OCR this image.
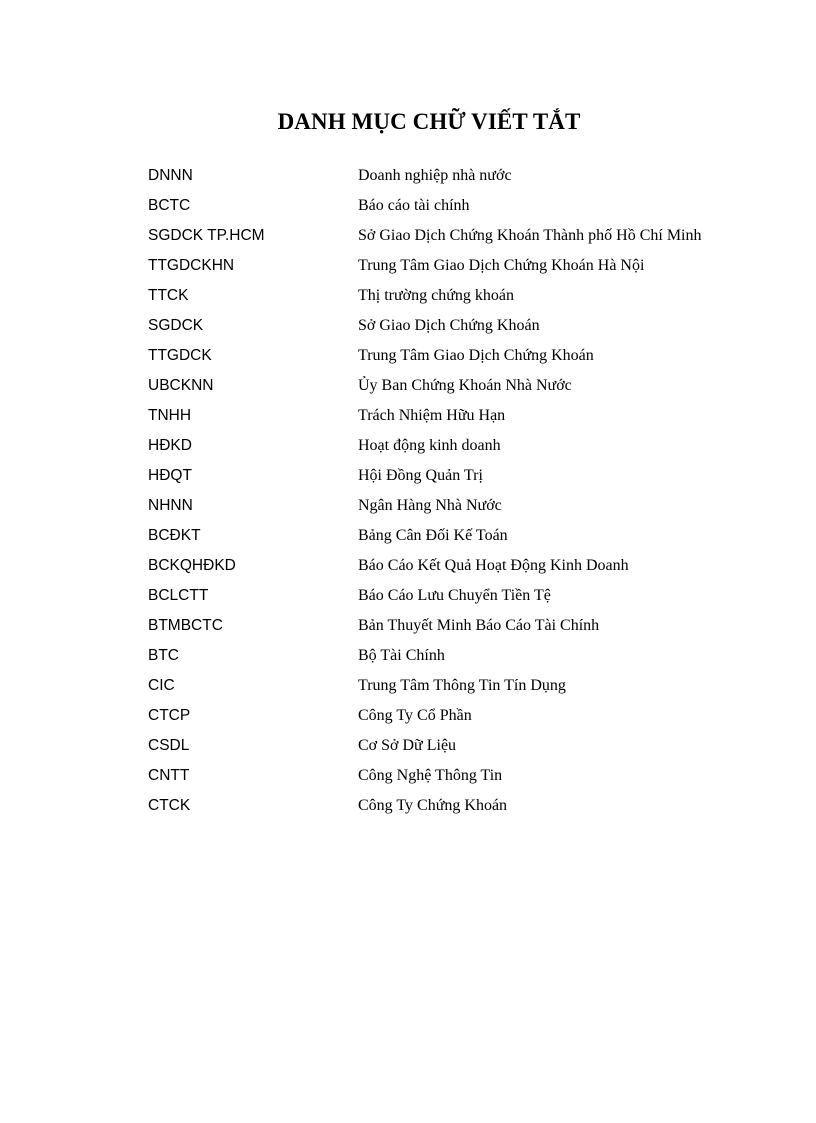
DANH MỤC CHỮ VIẾT TẮT
DNNN	Doanh nghiệp nhà nước
BCTC	Báo cáo tài chính
SGDCK TP.HCM	Sở Giao Dịch Chứng Khoán Thành phố Hồ Chí Minh
TTGDCKHN	Trung Tâm Giao Dịch Chứng Khoán Hà Nội
TTCK	Thị trường chứng khoán
SGDCK	Sở Giao Dịch Chứng Khoán
TTGDCK	Trung Tâm Giao Dịch Chứng Khoán
UBCKNN	Ủy Ban Chứng Khoán Nhà Nước
TNHH	Trách Nhiệm Hữu Hạn
HĐKD	Hoạt động kinh doanh
HĐQT	Hội Đồng Quản Trị
NHNN	Ngân Hàng Nhà Nước
BCĐKT	Bảng Cân Đối Kế Toán
BCKQHĐKD	Báo Cáo Kết Quả Hoạt Động Kinh Doanh
BCLCTT	Báo Cáo Lưu Chuyển Tiền Tệ
BTMBCTC	Bản Thuyết Minh Báo Cáo Tài Chính
BTC	Bộ Tài Chính
CIC	Trung Tâm Thông Tin Tín Dụng
CTCP	Công Ty Cổ Phần
CSDL	Cơ Sở Dữ Liệu
CNTT	Công Nghệ Thông Tin
CTCK	Công Ty Chứng Khoán
